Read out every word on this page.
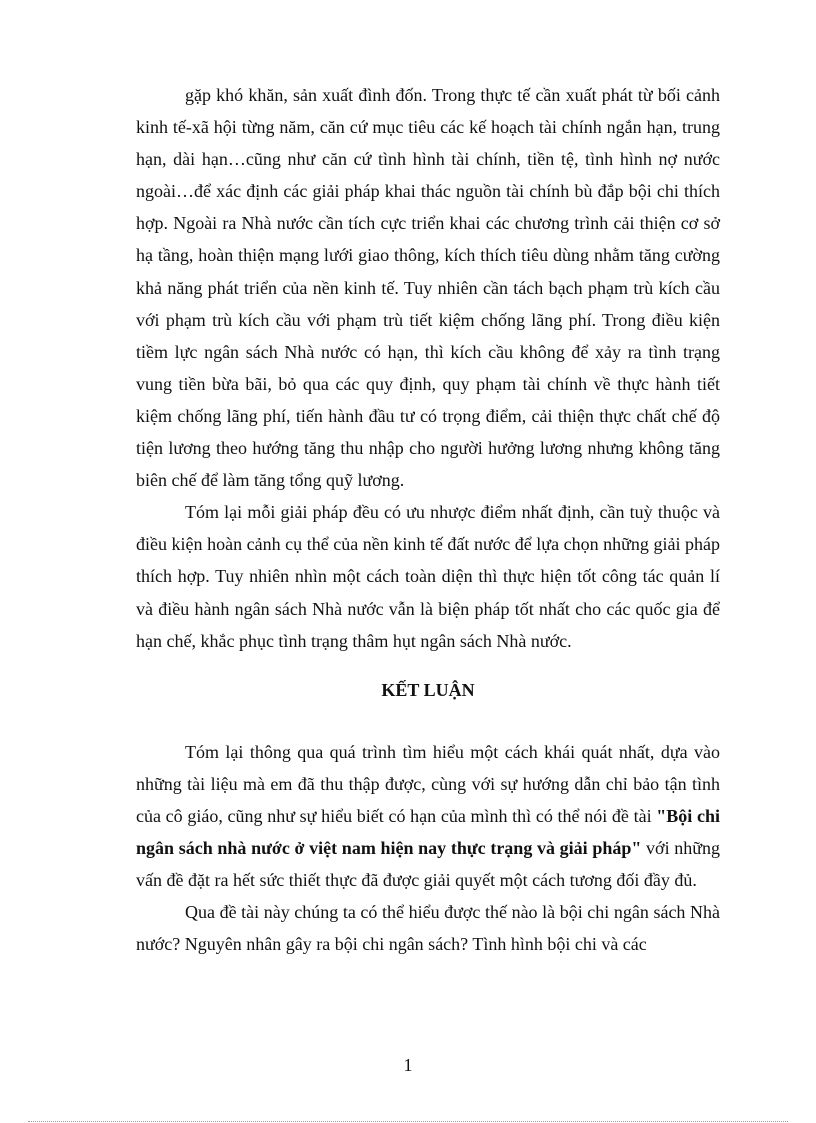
gặp khó khăn, sản xuất đình đốn. Trong thực tế cần xuất phát từ bối cảnh kinh tế-xã hội từng năm, căn cứ mục tiêu các kế hoạch tài chính ngắn hạn, trung hạn, dài hạn…cũng như căn cứ tình hình tài chính, tiền tệ, tình hình nợ nước ngoài…để xác định các giải pháp khai thác nguồn tài chính bù đắp bội chi thích hợp. Ngoài ra Nhà nước cần tích cực triển khai các chương trình cải thiện cơ sở hạ tầng, hoàn thiện mạng lưới giao thông, kích thích tiêu dùng nhằm tăng cường khả năng phát triển của nền kinh tế. Tuy nhiên cần tách bạch phạm trù kích cầu với phạm trù kích cầu với phạm trù tiết kiệm chống lãng phí. Trong điều kiện tiềm lực ngân sách Nhà nước có hạn, thì kích cầu không để xảy ra tình trạng vung tiền bừa bãi, bỏ qua các quy định, quy phạm tài chính về thực hành tiết kiệm chống lãng phí, tiến hành đầu tư có trọng điểm, cải thiện thực chất chế độ tiện lương theo hướng tăng thu nhập cho người hưởng lương nhưng không tăng biên chế để làm tăng tổng quỹ lương.

Tóm lại mỗi giải pháp đều có ưu nhược điểm nhất định, cần tuỳ thuộc và điều kiện hoàn cảnh cụ thể của nền kinh tế đất nước để lựa chọn những giải pháp thích hợp. Tuy nhiên nhìn một cách toàn diện thì thực hiện tốt công tác quản lí và điều hành ngân sách Nhà nước vẫn là biện pháp tốt nhất cho các quốc gia để hạn chế, khắc phục tình trạng thâm hụt ngân sách Nhà nước.

KẾT LUẬN

Tóm lại thông qua quá trình tìm hiểu một cách khái quát nhất, dựa vào những tài liệu mà em đã thu thập được, cùng với sự hướng dẫn chỉ bảo tận tình của cô giáo, cũng như sự hiểu biết có hạn của mình thì có thể nói đề tài "Bội chi ngân sách nhà nước ở việt nam hiện nay thực trạng và giải pháp" với những vấn đề đặt ra hết sức thiết thực đã được giải quyết một cách tương đối đầy đủ.

Qua đề tài này chúng ta có thể hiểu được thế nào là bội chi ngân sách Nhà nước? Nguyên nhân gây ra bội chi ngân sách? Tình hình bội chi và các

1
